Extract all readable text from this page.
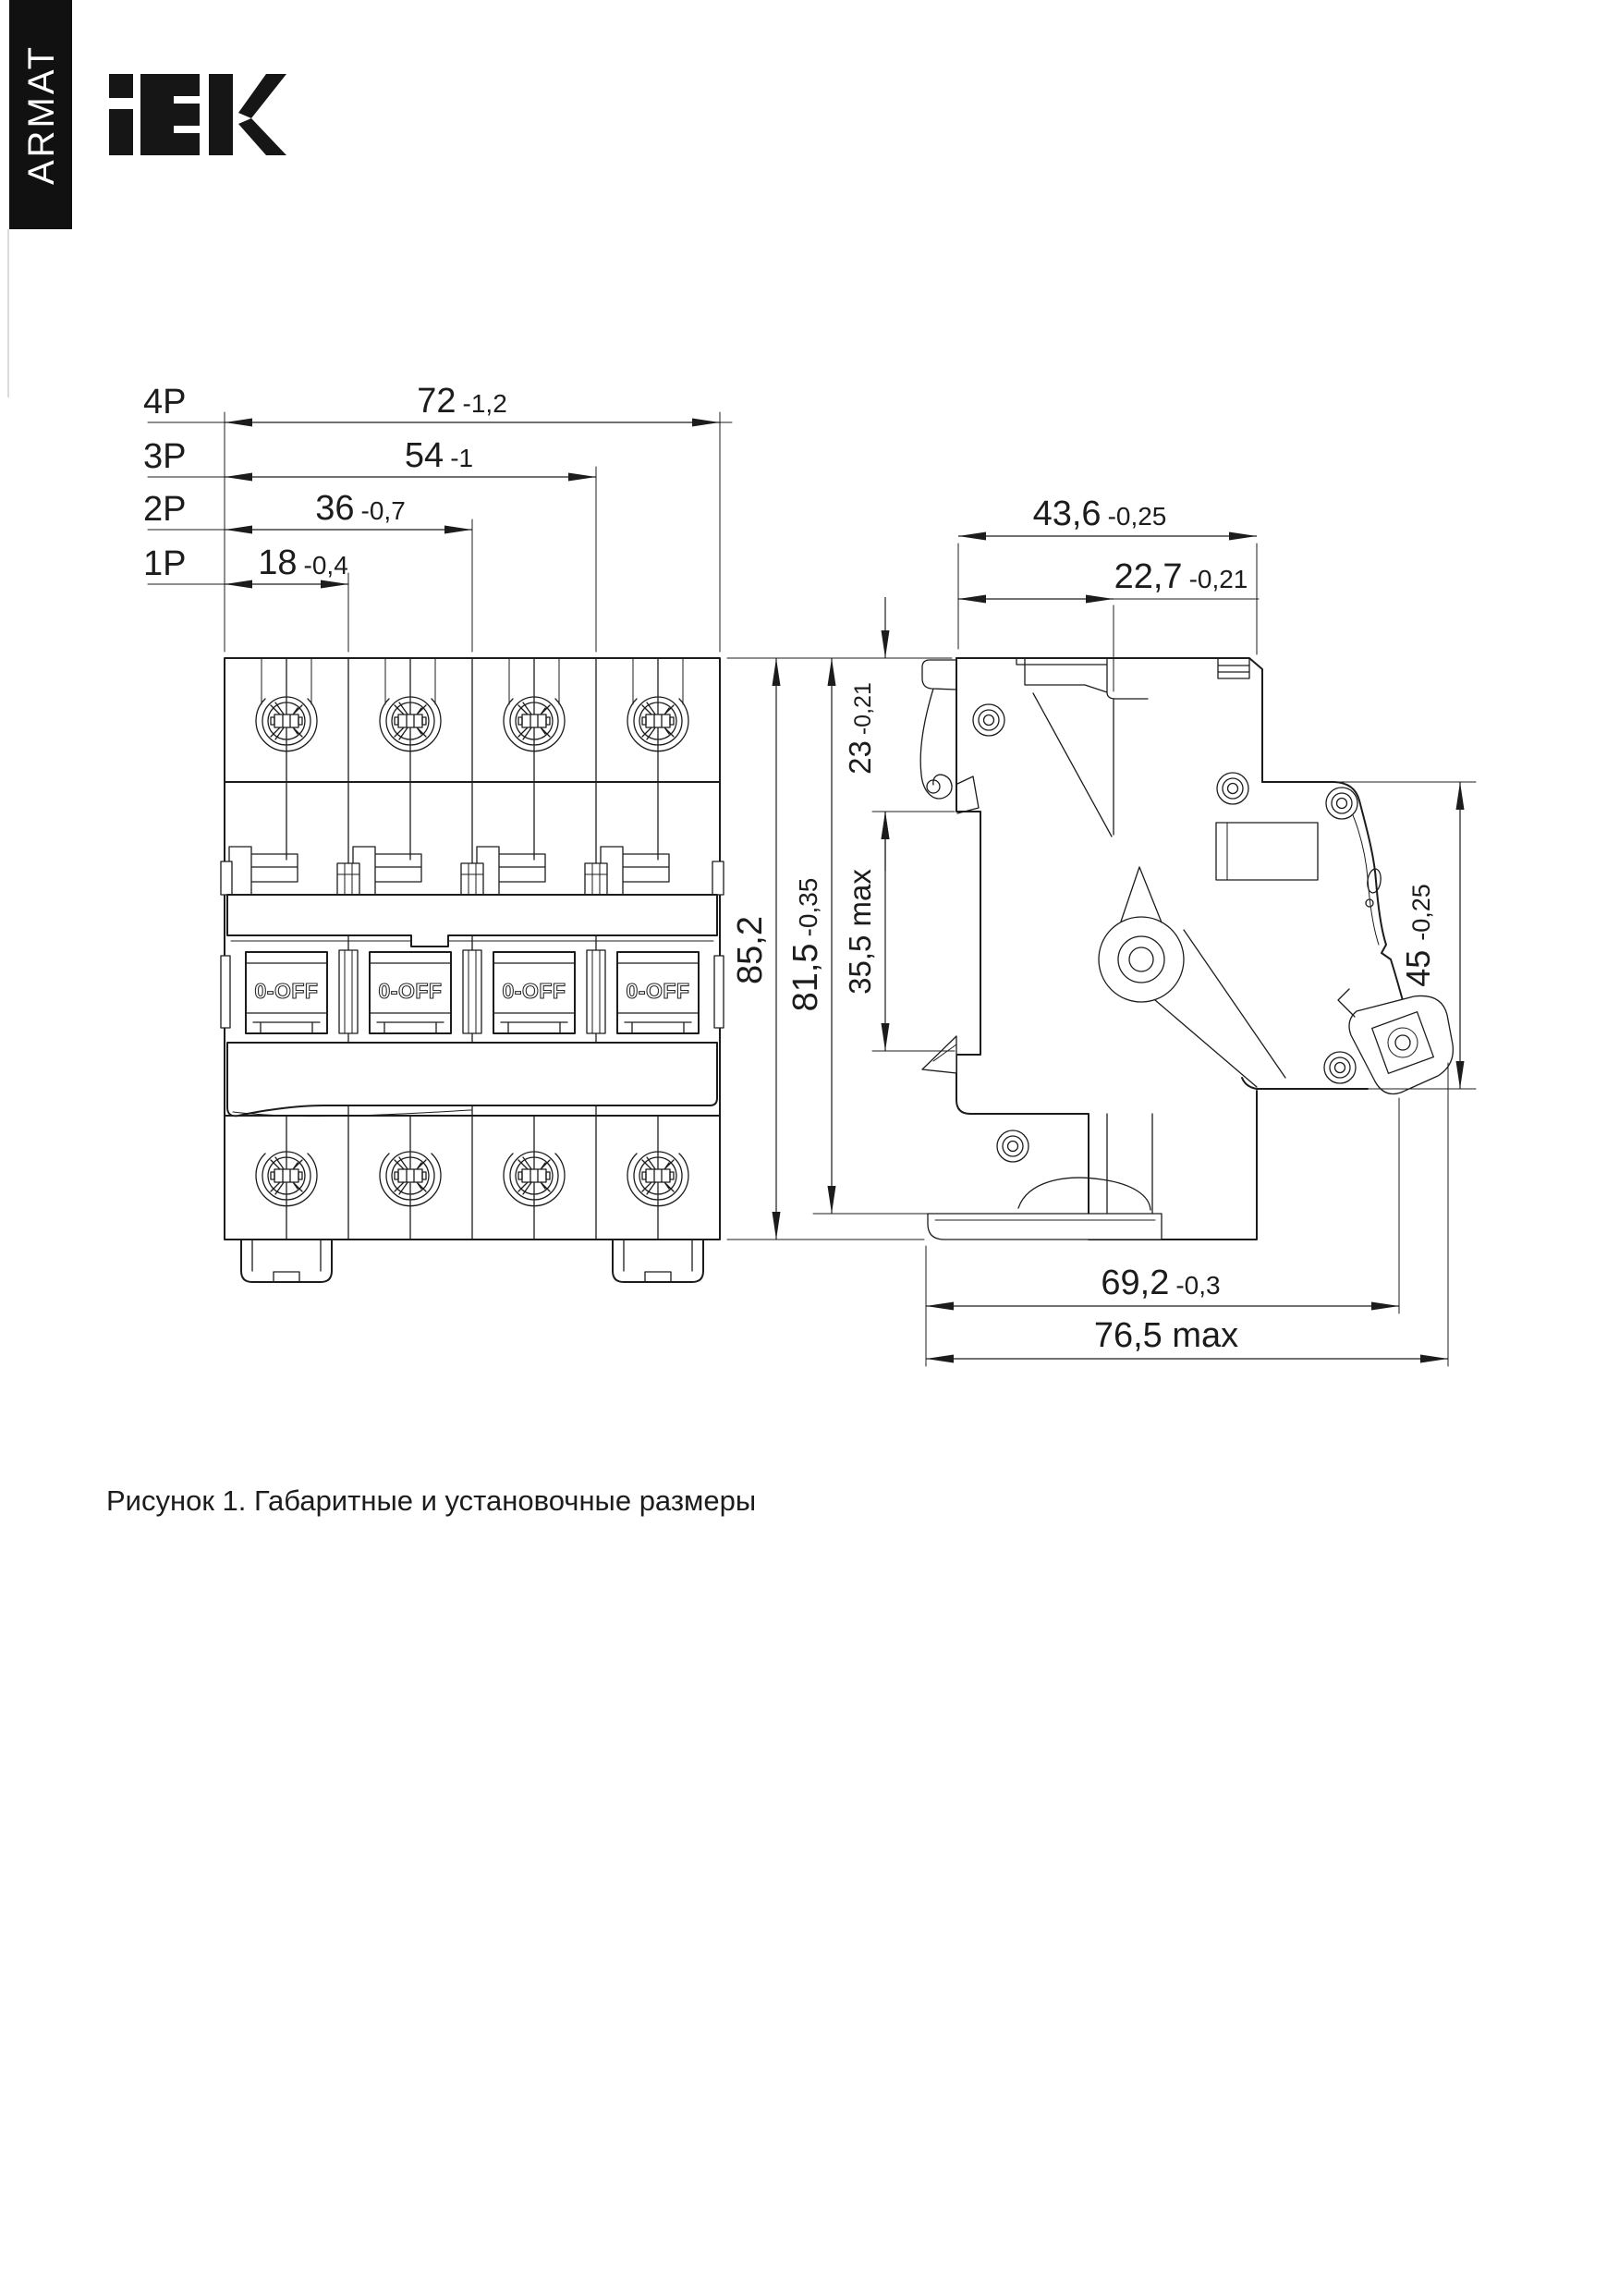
ARMAT
0-OFF	0-OFF	0-OFF	0-OFF
4P	72 -1,2
3P	54 -1
2P	36 -0,7
1P 18 -0,4
43,6 -0,25
22,7 -0,21
23-0,21
85,2 81,5-0,35 35,5 max	45-0,25
69,2 -0,3
76,5 max
Рисунок 1. Габаритные и установочные размеры
